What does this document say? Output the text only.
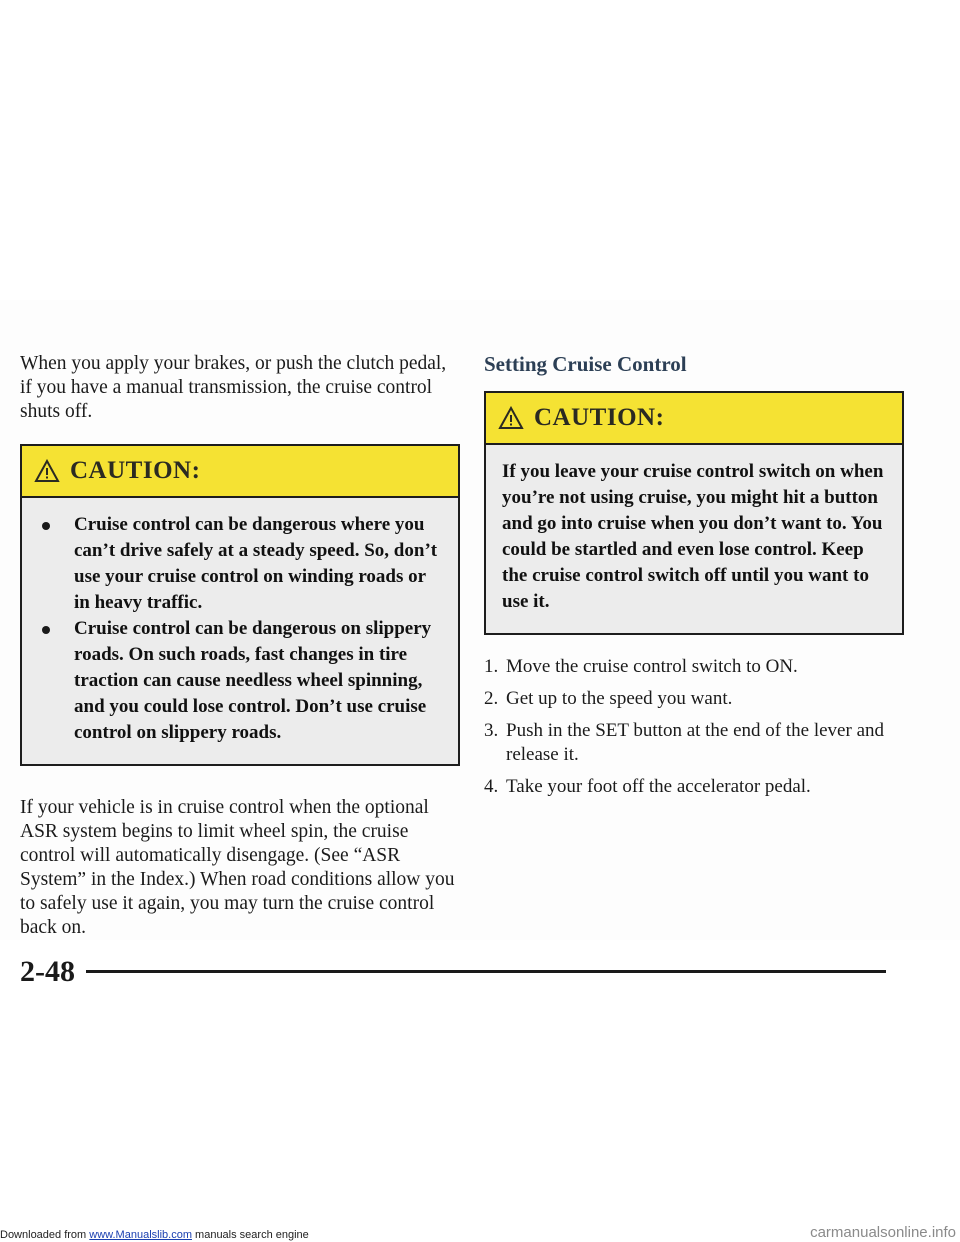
When you apply your brakes, or push the clutch pedal, if you have a manual transmission, the cruise control shuts off.

CAUTION:
Cruise control can be dangerous where you can’t drive safely at a steady speed. So, don’t use your cruise control on winding roads or in heavy traffic.
Cruise control can be dangerous on slippery roads. On such roads, fast changes in tire traction can cause needless wheel spinning, and you could lose control. Don’t use cruise control on slippery roads.

If your vehicle is in cruise control when the optional ASR system begins to limit wheel spin, the cruise control will automatically disengage. (See “ASR System” in the Index.) When road conditions allow you to safely use it again, you may turn the cruise control back on.

Setting Cruise Control
CAUTION:

If you leave your cruise control switch on when you’re not using cruise, you might hit a button and go into cruise when you don’t want to. You could be startled and even lose control. Keep the cruise control switch off until you want to use it.

1. Move the cruise control switch to ON.
2. Get up to the speed you want.
3. Push in the SET button at the end of the lever and release it.
4. Take your foot off the accelerator pedal.
2-48
Downloaded from www.Manualslib.com manuals search engine	carmanualsonline.info
